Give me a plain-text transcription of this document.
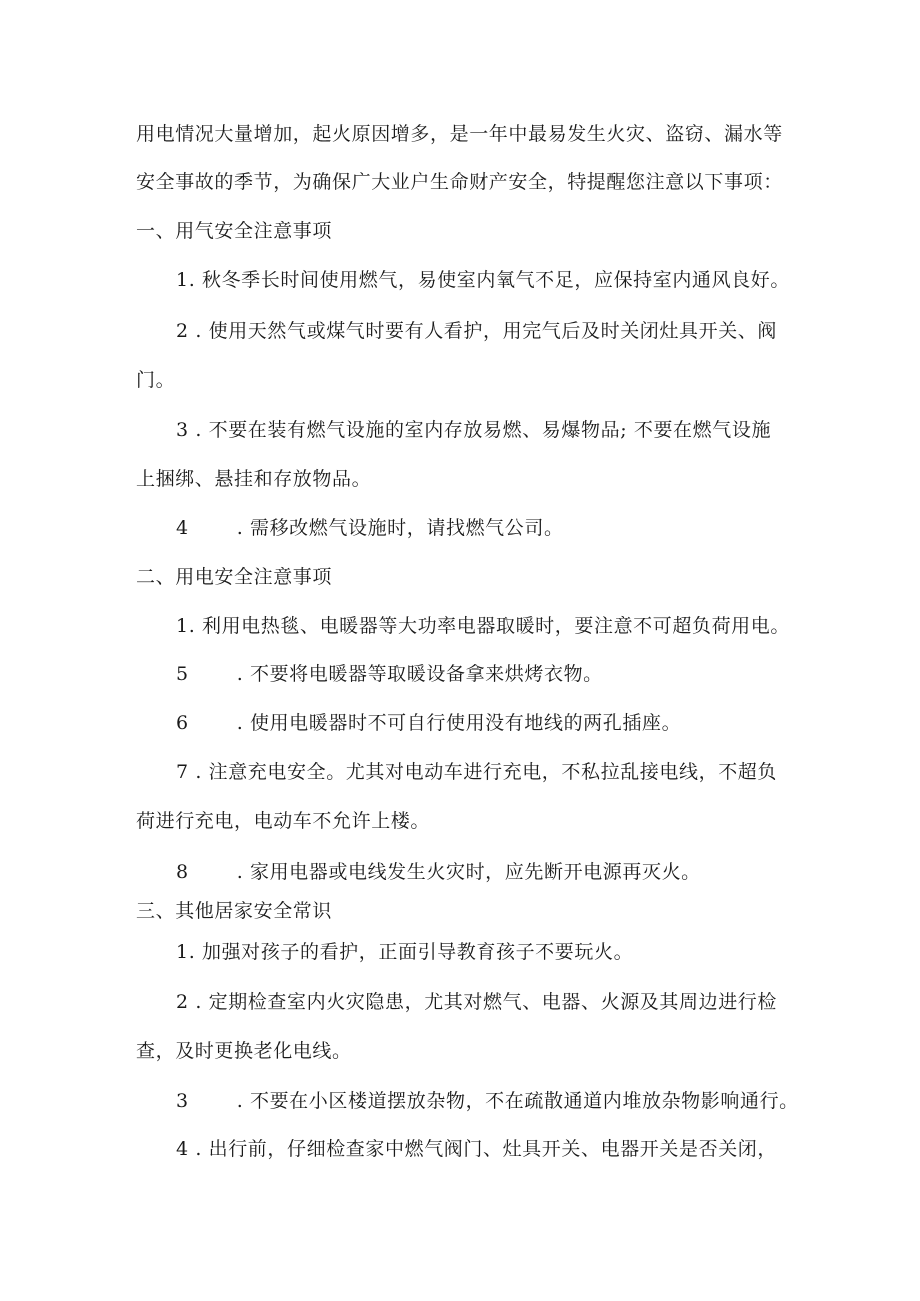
用电情况大量增加，起火原因增多，是一年中最易发生火灾、盗窃、漏水等
安全事故的季节，为确保广大业户生命财产安全，特提醒您注意以下事项：
一、用气安全注意事项
1. 秋冬季长时间使用燃气，易使室内氧气不足，应保持室内通风良好。
2 . 使用天然气或煤气时要有人看护，用完气后及时关闭灶具开关、阀
门。
3 . 不要在装有燃气设施的室内存放易燃、易爆物品; 不要在燃气设施
上捆绑、悬挂和存放物品。
4	. 需移改燃气设施时，请找燃气公司。
二、用电安全注意事项
1. 利用电热毯、电暖器等大功率电器取暖时，要注意不可超负荷用电。
5	. 不要将电暖器等取暖设备拿来烘烤衣物。
6	. 使用电暖器时不可自行使用没有地线的两孔插座。
7 . 注意充电安全。尤其对电动车进行充电，不私拉乱接电线，不超负
荷进行充电，电动车不允许上楼。
8	. 家用电器或电线发生火灾时，应先断开电源再灭火。
三、其他居家安全常识
1. 加强对孩子的看护，正面引导教育孩子不要玩火。
2 . 定期检查室内火灾隐患，尤其对燃气、电器、火源及其周边进行检
查，及时更换老化电线。
3	. 不要在小区楼道摆放杂物，不在疏散通道内堆放杂物影响通行。
4 . 出行前，仔细检查家中燃气阀门、灶具开关、电器开关是否关闭，
